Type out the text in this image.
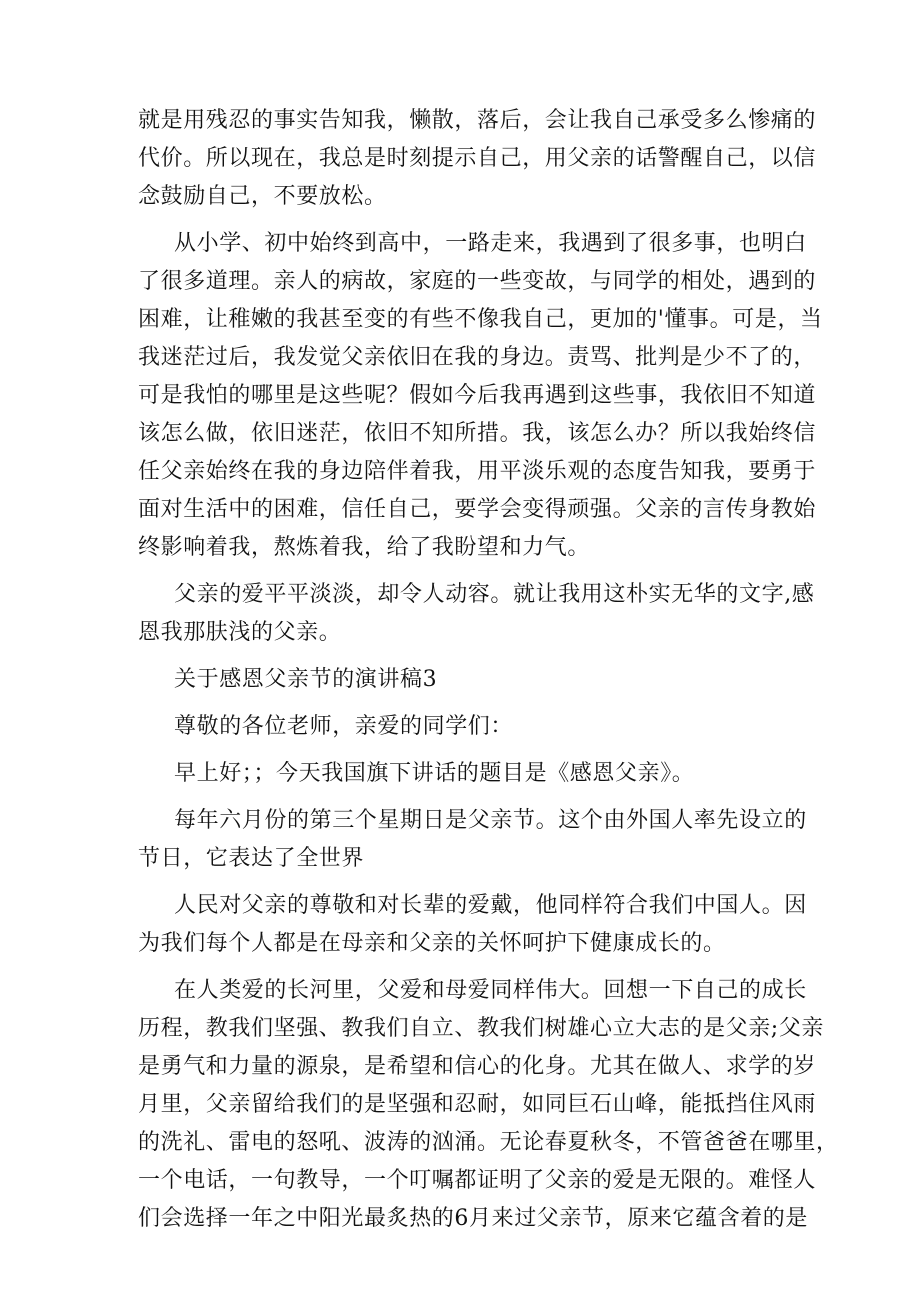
就是用残忍的事实告知我，懒散，落后，会让我自己承受多么惨痛的
代价。所以现在，我总是时刻提示自己，用父亲的话警醒自己，以信
念鼓励自己，不要放松。
从小学、初中始终到高中，一路走来，我遇到了很多事，也明白
了很多道理。亲人的病故，家庭的一些变故，与同学的相处，遇到的
困难，让稚嫩的我甚至变的有些不像我自己，更加的'懂事。可是，当
我迷茫过后，我发觉父亲依旧在我的身边。责骂、批判是少不了的，
可是我怕的哪里是这些呢？假如今后我再遇到这些事，我依旧不知道
该怎么做，依旧迷茫，依旧不知所措。我，该怎么办？所以我始终信
任父亲始终在我的身边陪伴着我，用平淡乐观的态度告知我，要勇于
面对生活中的困难，信任自己，要学会变得顽强。父亲的言传身教始
终影响着我，熬炼着我，给了我盼望和力气。
父亲的爱平平淡淡，却令人动容。就让我用这朴实无华的文字,感
恩我那肤浅的父亲。
关于感恩父亲节的演讲稿3
尊敬的各位老师，亲爱的同学们：
早上好；；今天我国旗下讲话的题目是《感恩父亲》。
每年六月份的第三个星期日是父亲节。这个由外国人率先设立的
节日，它表达了全世界
人民对父亲的尊敬和对长辈的爱戴，他同样符合我们中国人。因
为我们每个人都是在母亲和父亲的关怀呵护下健康成长的。
在人类爱的长河里，父爱和母爱同样伟大。回想一下自己的成长
历程，教我们坚强、教我们自立、教我们树雄心立大志的是父亲;父亲
是勇气和力量的源泉，是希望和信心的化身。尤其在做人、求学的岁
月里，父亲留给我们的是坚强和忍耐，如同巨石山峰，能抵挡住风雨
的洗礼、雷电的怒吼、波涛的汹涌。无论春夏秋冬，不管爸爸在哪里，
一个电话，一句教导，一个叮嘱都证明了父亲的爱是无限的。难怪人
们会选择一年之中阳光最炙热的6月来过父亲节，原来它蕴含着的是
